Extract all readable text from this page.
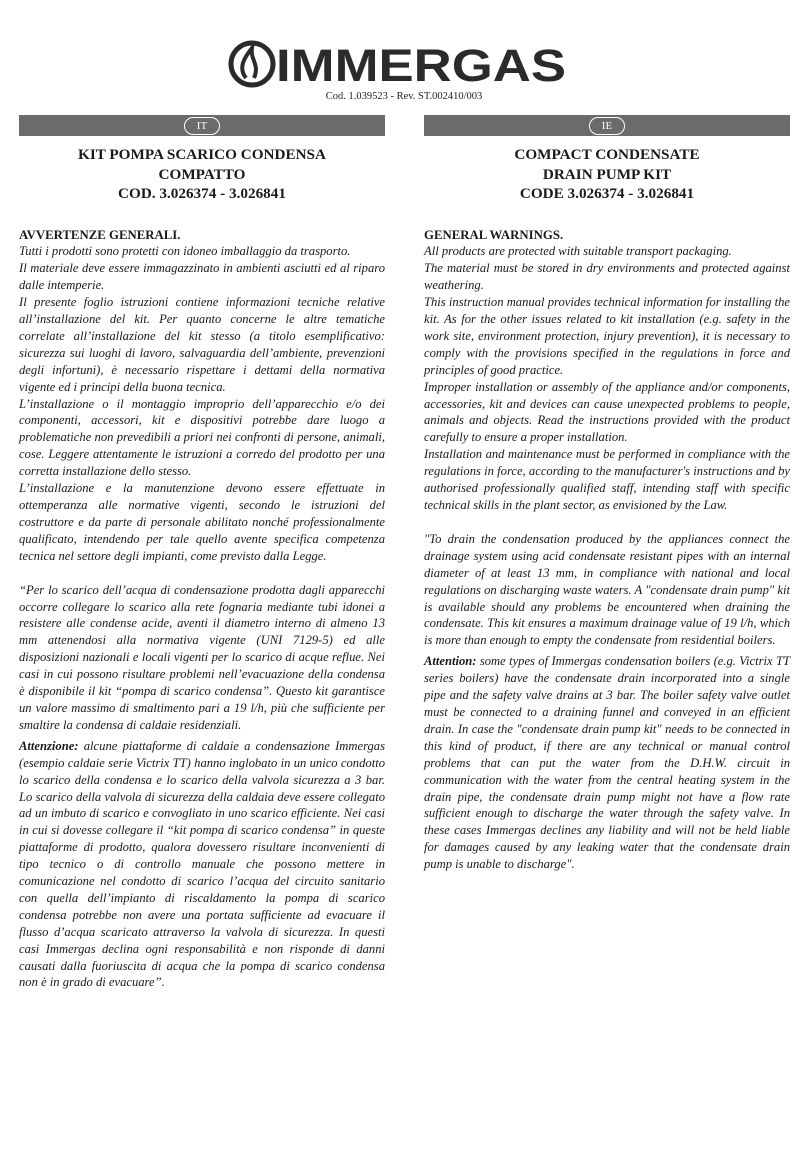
IMMERGAS
Cod. 1.039523 - Rev. ST.002410/003
IT
KIT POMPA SCARICO CONDENSA
COMPATTO
COD. 3.026374 - 3.026841

AVVERTENZE GENERALI.

Tutti i prodotti sono protetti con idoneo imballaggio da trasporto.

Il materiale deve essere immagazzinato in ambienti asciutti ed al riparo dalle intemperie.

Il presente foglio istruzioni contiene informazioni tecniche relative all’installazione del kit. Per quanto concerne le altre tematiche correlate all’installazione del kit stesso (a titolo esemplificativo: sicurezza sui luoghi di lavoro, salvaguardia dell’ambiente, prevenzioni degli infortuni), è necessario rispettare i dettami della normativa vigente ed i principi della buona tecnica.

L’installazione o il montaggio improprio dell’apparecchio e/o dei componenti, accessori, kit e dispositivi potrebbe dare luogo a problematiche non prevedibili a priori nei confronti di persone, animali, cose. Leggere attentamente le istruzioni a corredo del prodotto per una corretta installazione dello stesso.

L’installazione e la manutenzione devono essere effettuate in ottemperanza alle normative vigenti, secondo le istruzioni del costruttore e da parte di personale abilitato nonché professionalmente qualificato, intendendo per tale quello avente specifica competenza tecnica nel settore degli impianti, come previsto dalla Legge.

“Per lo scarico dell’acqua di condensazione prodotta dagli apparecchi occorre collegare lo scarico alla rete fognaria mediante tubi idonei a resistere alle condense acide, aventi il diametro interno di almeno 13 mm attenendosi alla normativa vigente (UNI 7129-5) ed alle disposizioni nazionali e locali vigenti per lo scarico di acque reflue. Nei casi in cui possono risultare problemi nell’evacuazione della condensa è disponibile il kit “pompa di scarico condensa”. Questo kit garantisce un valore massimo di smaltimento pari a 19 l/h, più che sufficiente per smaltire la condensa di caldaie residenziali.

Attenzione: alcune piattaforme di caldaie a condensazione Immergas (esempio caldaie serie Victrix TT) hanno inglobato in un unico condotto lo scarico della condensa e lo scarico della valvola sicurezza a 3 bar. Lo scarico della valvola di sicurezza della caldaia deve essere collegato ad un imbuto di scarico e convogliato in uno scarico efficiente. Nei casi in cui si dovesse collegare il “kit pompa di scarico condensa” in queste piattaforme di prodotto, qualora dovessero risultare inconvenienti di tipo tecnico o di controllo manuale che possono mettere in comunicazione nel condotto di scarico l’acqua del circuito sanitario con quella dell’impianto di riscaldamento la pompa di scarico condensa potrebbe non avere una portata sufficiente ad evacuare il flusso d’acqua scaricato attraverso la valvola di sicurezza. In questi casi Immergas declina ogni responsabilità e non risponde di danni causati dalla fuoriuscita di acqua che la pompa di scarico condensa non è in grado di evacuare”.

IE
COMPACT CONDENSATE
DRAIN PUMP KIT
CODE 3.026374 - 3.026841

GENERAL WARNINGS.

All products are protected with suitable transport packaging.

The material must be stored in dry environments and protected against weathering.

This instruction manual provides technical information for installing the kit. As for the other issues related to kit installation (e.g. safety in the work site, environment protection, injury prevention), it is necessary to comply with the provisions specified in the regulations in force and principles of good practice.

Improper installation or assembly of the appliance and/or components, accessories, kit and devices can cause unexpected problems to people, animals and objects. Read the instructions provided with the product carefully to ensure a proper installation.

Installation and maintenance must be performed in compliance with the regulations in force, according to the manufacturer's instructions and by authorised professionally qualified staff, intending staff with specific technical skills in the plant sector, as envisioned by the Law.

"To drain the condensation produced by the appliances connect the drainage system using acid condensate resistant pipes with an internal diameter of at least 13 mm, in compliance with national and local regulations on discharging waste waters. A "condensate drain pump" kit is available should any problems be encountered when draining the condensate. This kit ensures a maximum drainage value of 19 l/h, which is more than enough to empty the condensate from residential boilers.

Attention: some types of Immergas condensation boilers (e.g. Victrix TT series boilers) have the condensate drain incorporated into a single pipe and the safety valve drains at 3 bar. The boiler safety valve outlet must be connected to a draining funnel and conveyed in an efficient drain. In case the "condensate drain pump kit" needs to be connected in this kind of product, if there are any technical or manual control problems that can put the water from the D.H.W. circuit in communication with the water from the central heating system in the drain pipe, the condensate drain pump might not have a flow rate sufficient enough to discharge the water through the safety valve. In these cases Immergas declines any liability and will not be held liable for damages caused by any leaking water that the condensate drain pump is unable to discharge".
